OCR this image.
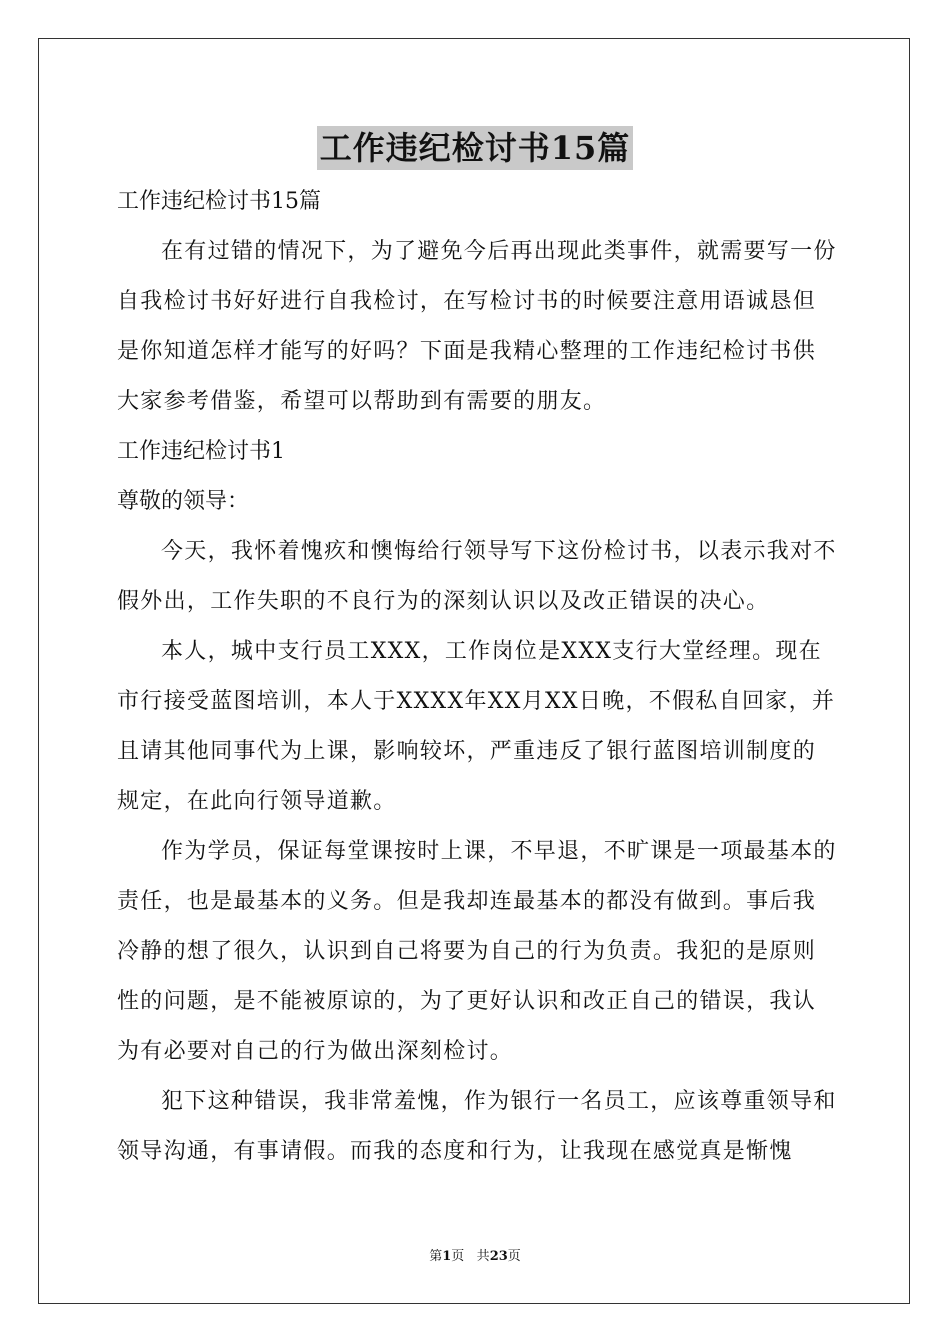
工作违纪检讨书15篇

工作违纪检讨书15篇

在有过错的情况下，为了避免今后再出现此类事件，就需要写一份自我检讨书好好进行自我检讨，在写检讨书的时候要注意用语诚恳但是你知道怎样才能写的好吗？下面是我精心整理的工作违纪检讨书供大家参考借鉴，希望可以帮助到有需要的朋友。

工作违纪检讨书1

尊敬的领导：

今天，我怀着愧疚和懊悔给行领导写下这份检讨书，以表示我对不假外出，工作失职的不良行为的深刻认识以及改正错误的决心。

本人，城中支行员工XXX，工作岗位是XXX支行大堂经理。现在市行接受蓝图培训，本人于XXXX年XX月XX日晚，不假私自回家，并且请其他同事代为上课，影响较坏，严重违反了银行蓝图培训制度的规定，在此向行领导道歉。

作为学员，保证每堂课按时上课，不早退，不旷课是一项最基本的责任，也是最基本的义务。但是我却连最基本的都没有做到。事后我冷静的想了很久，认识到自己将要为自己的行为负责。我犯的是原则性的问题，是不能被原谅的，为了更好认识和改正自己的错误，我认为有必要对自己的行为做出深刻检讨。

犯下这种错误，我非常羞愧，作为银行一名员工，应该尊重领导和领导沟通，有事请假。而我的态度和行为，让我现在感觉真是惭愧

第1页 共23页
